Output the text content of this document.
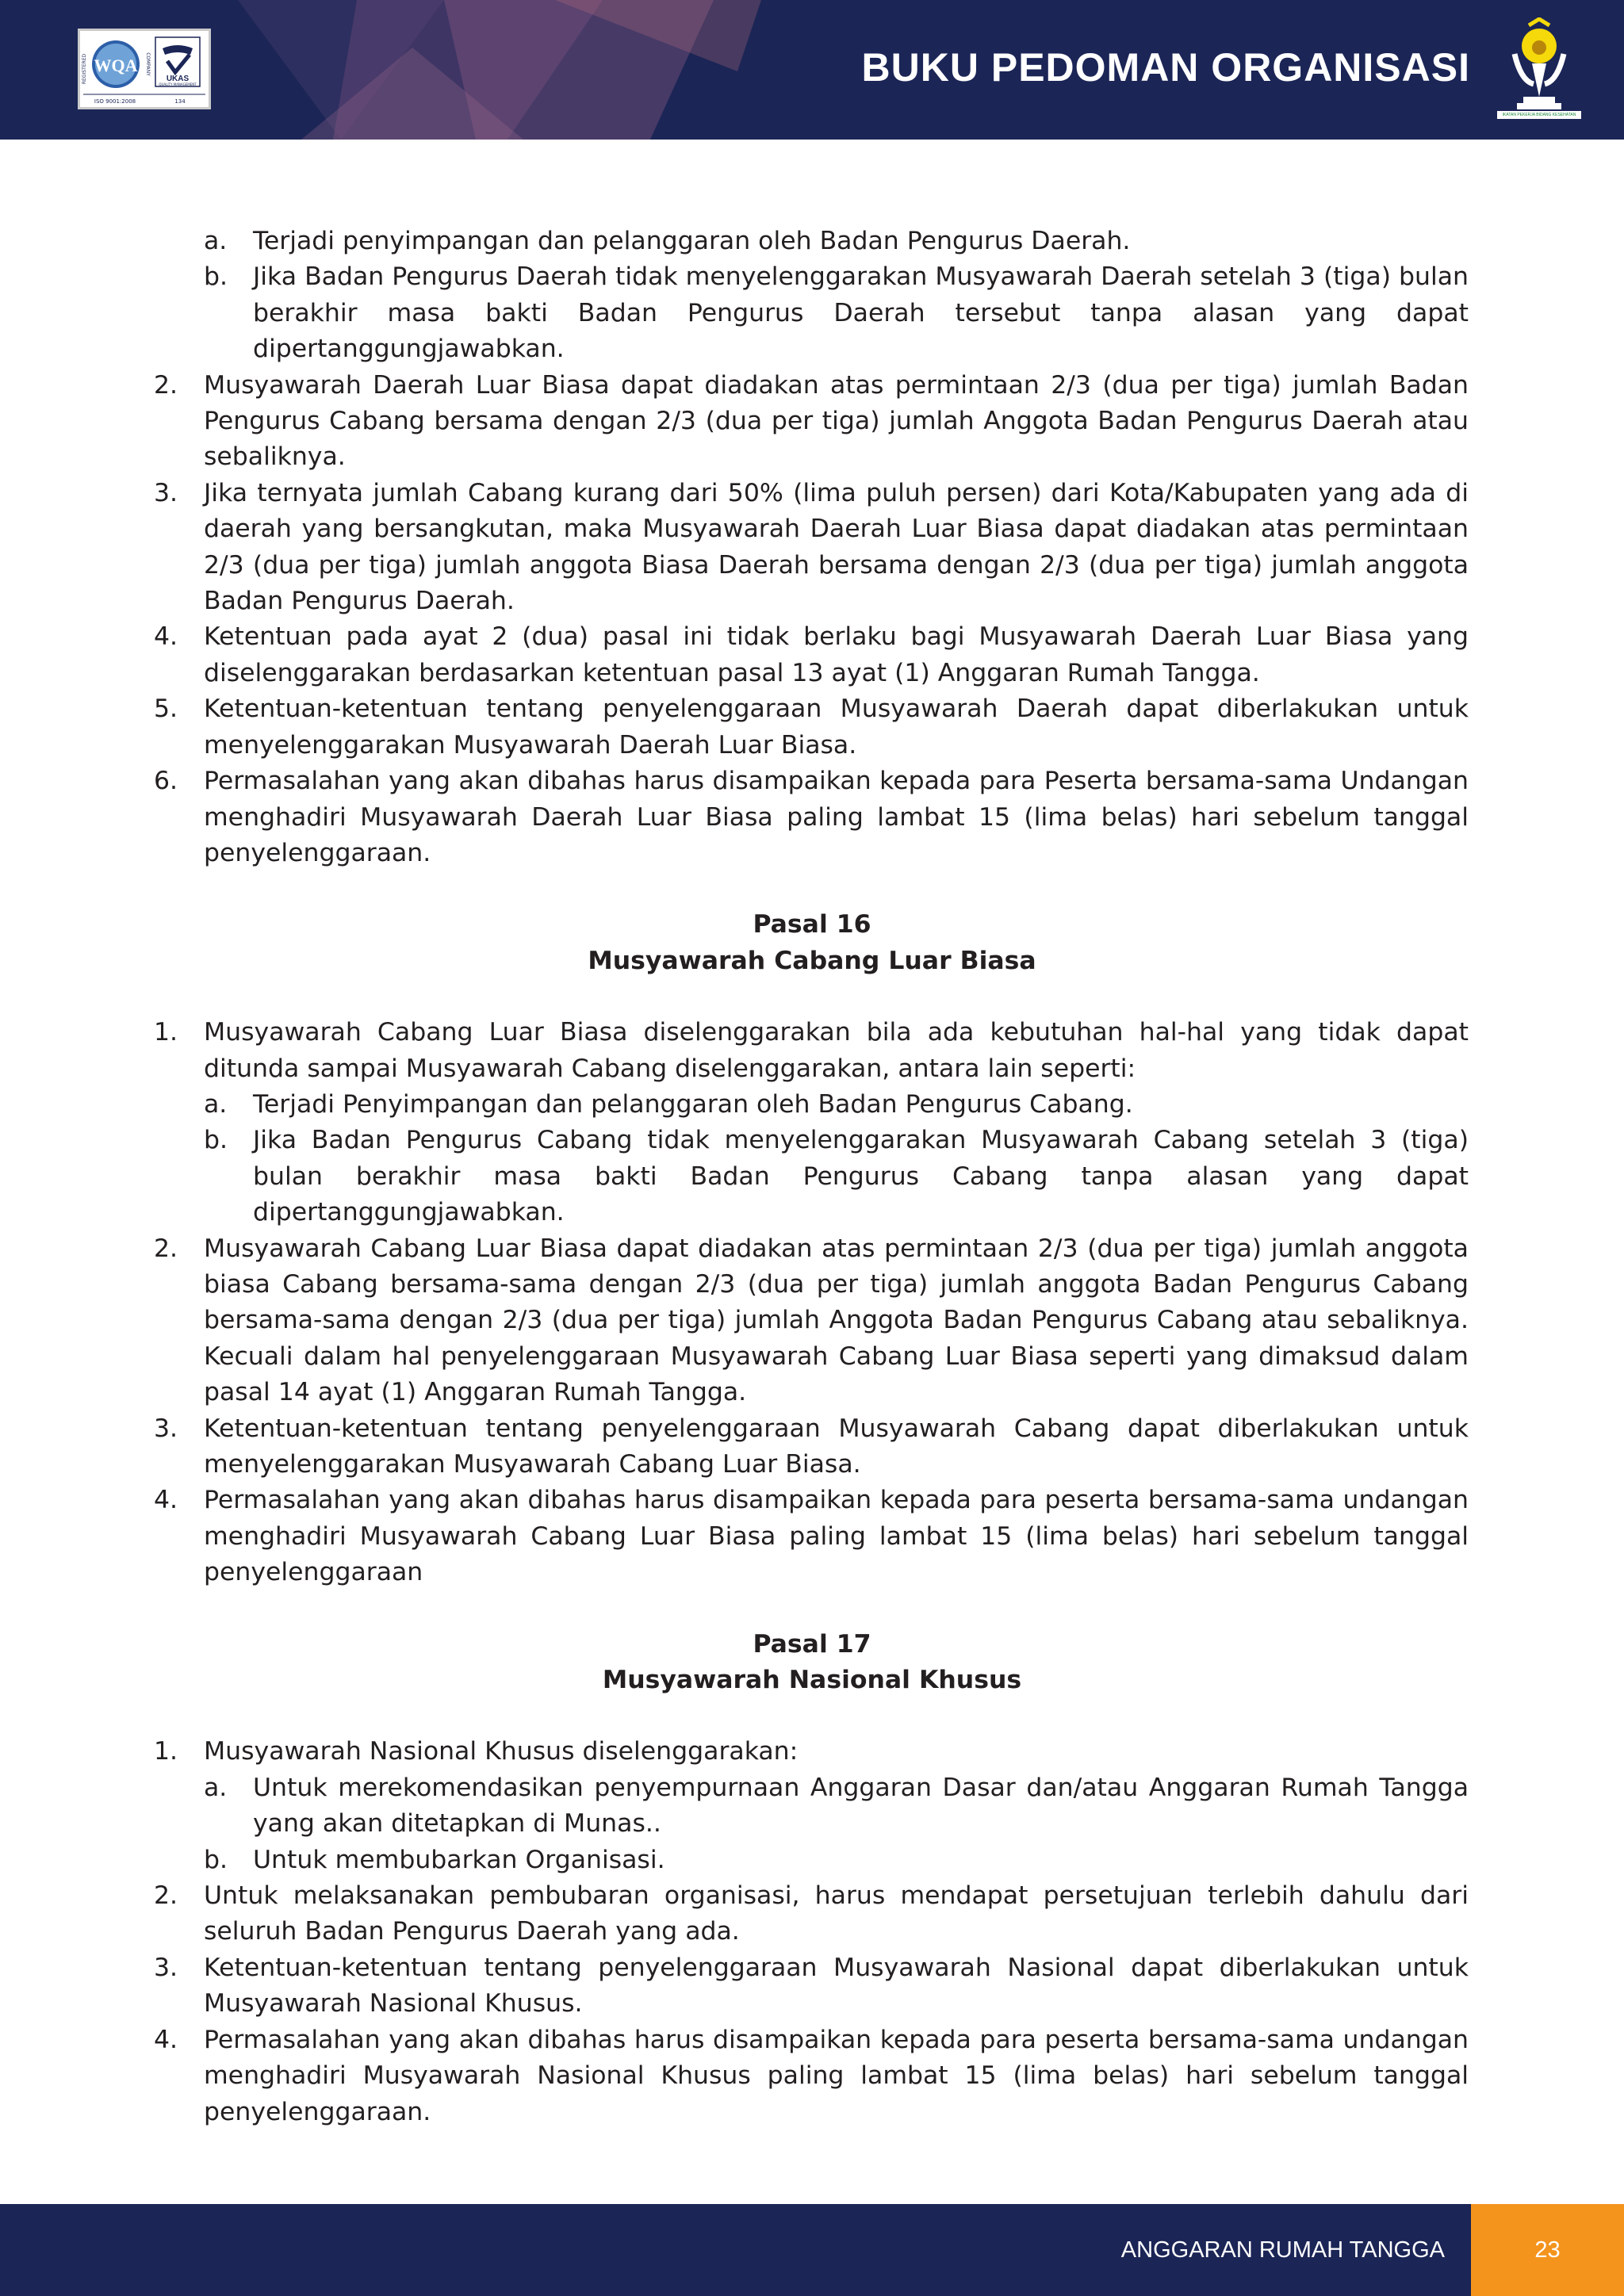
REGISTERED WQA COMPANY
UKAS
QUALITY MANAGEMENT
ISO 9001:2008	134
BUKU PEDOMAN ORGANISASI
IKATAN PEKERJA BIDANG KESEHATAN
a. Terjadi penyimpangan dan pelanggaran oleh Badan Pengurus Daerah.
b. Jika Badan Pengurus Daerah tidak menyelenggarakan Musyawarah Daerah setelah 3 (tiga) bulan berakhir masa bakti Badan Pengurus Daerah tersebut tanpa alasan yang dapat dipertanggungjawabkan.
2. Musyawarah Daerah Luar Biasa dapat diadakan atas permintaan 2/3 (dua per tiga) jumlah Badan Pengurus Cabang bersama dengan 2/3 (dua per tiga) jumlah Anggota Badan Pengurus Daerah atau sebaliknya.
3. Jika ternyata jumlah Cabang kurang dari 50% (lima puluh persen) dari Kota/Kabupaten yang ada di daerah yang bersangkutan, maka Musyawarah Daerah Luar Biasa dapat diadakan atas permintaan 2/3 (dua per tiga) jumlah anggota Biasa Daerah bersama dengan 2/3 (dua per tiga) jumlah anggota Badan Pengurus Daerah.
4. Ketentuan pada ayat 2 (dua) pasal ini tidak berlaku bagi Musyawarah Daerah Luar Biasa yang diselenggarakan berdasarkan ketentuan pasal 13 ayat (1) Anggaran Rumah Tangga.
5. Ketentuan-ketentuan tentang penyelenggaraan Musyawarah Daerah dapat diberlakukan untuk menyelenggarakan Musyawarah Daerah Luar Biasa.
6. Permasalahan yang akan dibahas harus disampaikan kepada para Peserta bersama-sama Undangan menghadiri Musyawarah Daerah Luar Biasa paling lambat 15 (lima belas) hari sebelum tanggal penyelenggaraan.
Pasal 16
Musyawarah Cabang Luar Biasa
1. Musyawarah Cabang Luar Biasa diselenggarakan bila ada kebutuhan hal-hal yang tidak dapat ditunda sampai Musyawarah Cabang diselenggarakan, antara lain seperti:
a. Terjadi Penyimpangan dan pelanggaran oleh Badan Pengurus Cabang.
b. Jika Badan Pengurus Cabang tidak menyelenggarakan Musyawarah Cabang setelah 3 (tiga) bulan berakhir masa bakti Badan Pengurus Cabang tanpa alasan yang dapat dipertanggungjawabkan.
2. Musyawarah Cabang Luar Biasa dapat diadakan atas permintaan 2/3 (dua per tiga) jumlah anggota biasa Cabang bersama-sama dengan 2/3 (dua per tiga) jumlah anggota Badan Pengurus Cabang bersama-sama dengan 2/3 (dua per tiga) jumlah Anggota Badan Pengurus Cabang atau sebaliknya. Kecuali dalam hal penyelenggaraan Musyawarah Cabang Luar Biasa seperti yang dimaksud dalam pasal 14 ayat (1) Anggaran Rumah Tangga.
3. Ketentuan-ketentuan tentang penyelenggaraan Musyawarah Cabang dapat diberlakukan untuk menyelenggarakan Musyawarah Cabang Luar Biasa.
4. Permasalahan yang akan dibahas harus disampaikan kepada para peserta bersama-sama undangan menghadiri Musyawarah Cabang Luar Biasa paling lambat 15 (lima belas) hari sebelum tanggal penyelenggaraan
Pasal 17
Musyawarah Nasional Khusus
1. Musyawarah Nasional Khusus diselenggarakan:
a. Untuk merekomendasikan penyempurnaan Anggaran Dasar dan/atau Anggaran Rumah Tangga yang akan ditetapkan di Munas..
b. Untuk membubarkan Organisasi.
2. Untuk melaksanakan pembubaran organisasi, harus mendapat persetujuan terlebih dahulu dari seluruh Badan Pengurus Daerah yang ada.
3. Ketentuan-ketentuan tentang penyelenggaraan Musyawarah Nasional dapat diberlakukan untuk Musyawarah Nasional Khusus.
4. Permasalahan yang akan dibahas harus disampaikan kepada para peserta bersama-sama undangan menghadiri Musyawarah Nasional Khusus paling lambat 15 (lima belas) hari sebelum tanggal penyelenggaraan.
ANGGARAN RUMAH TANGGA	23
